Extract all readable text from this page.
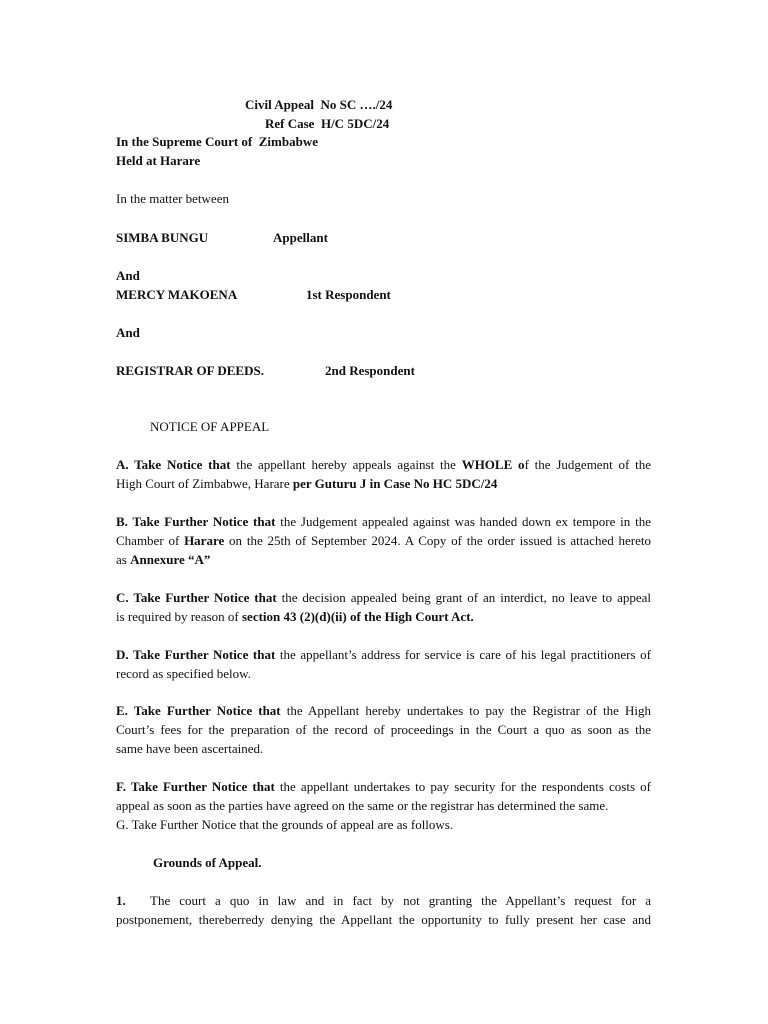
Civil Appeal  No SC …./24
Ref Case  H/C 5DC/24
In the Supreme Court of  Zimbabwe
Held at Harare
In the matter between
SIMBA BUNGU	Appellant
And
MERCY MAKOENA	1st Respondent
And
REGISTRAR OF DEEDS.	2nd Respondent
NOTICE OF APPEAL
A. Take Notice that the appellant hereby appeals against the WHOLE of the Judgement of the
High Court of Zimbabwe, Harare per Guturu J in Case No HC 5DC/24
B. Take Further Notice that the Judgement appealed against was handed down ex tempore in the
Chamber of Harare on the 25th of September 2024. A Copy of the order issued is attached hereto
as Annexure “A”
C. Take Further Notice that the decision appealed being grant of an interdict, no leave to appeal
is required by reason of section 43 (2)(d)(ii) of the High Court Act.
D. Take Further Notice that the appellant’s address for service is care of his legal practitioners of
record as specified below.
E. Take Further Notice that the Appellant hereby undertakes to pay the Registrar of the High
Court’s fees for the preparation of the record of proceedings in the Court a quo as soon as the
same have been ascertained.
F. Take Further Notice that the appellant undertakes to pay security for the respondents costs of
appeal as soon as the parties have agreed on the same or the registrar has determined the same.
G. Take Further Notice that the grounds of appeal are as follows.
Grounds of Appeal.
1. The court a quo in law and in fact by not granting the Appellant’s request for a
postponement, thereberredy denying the Appellant the opportunity to fully present her case and
